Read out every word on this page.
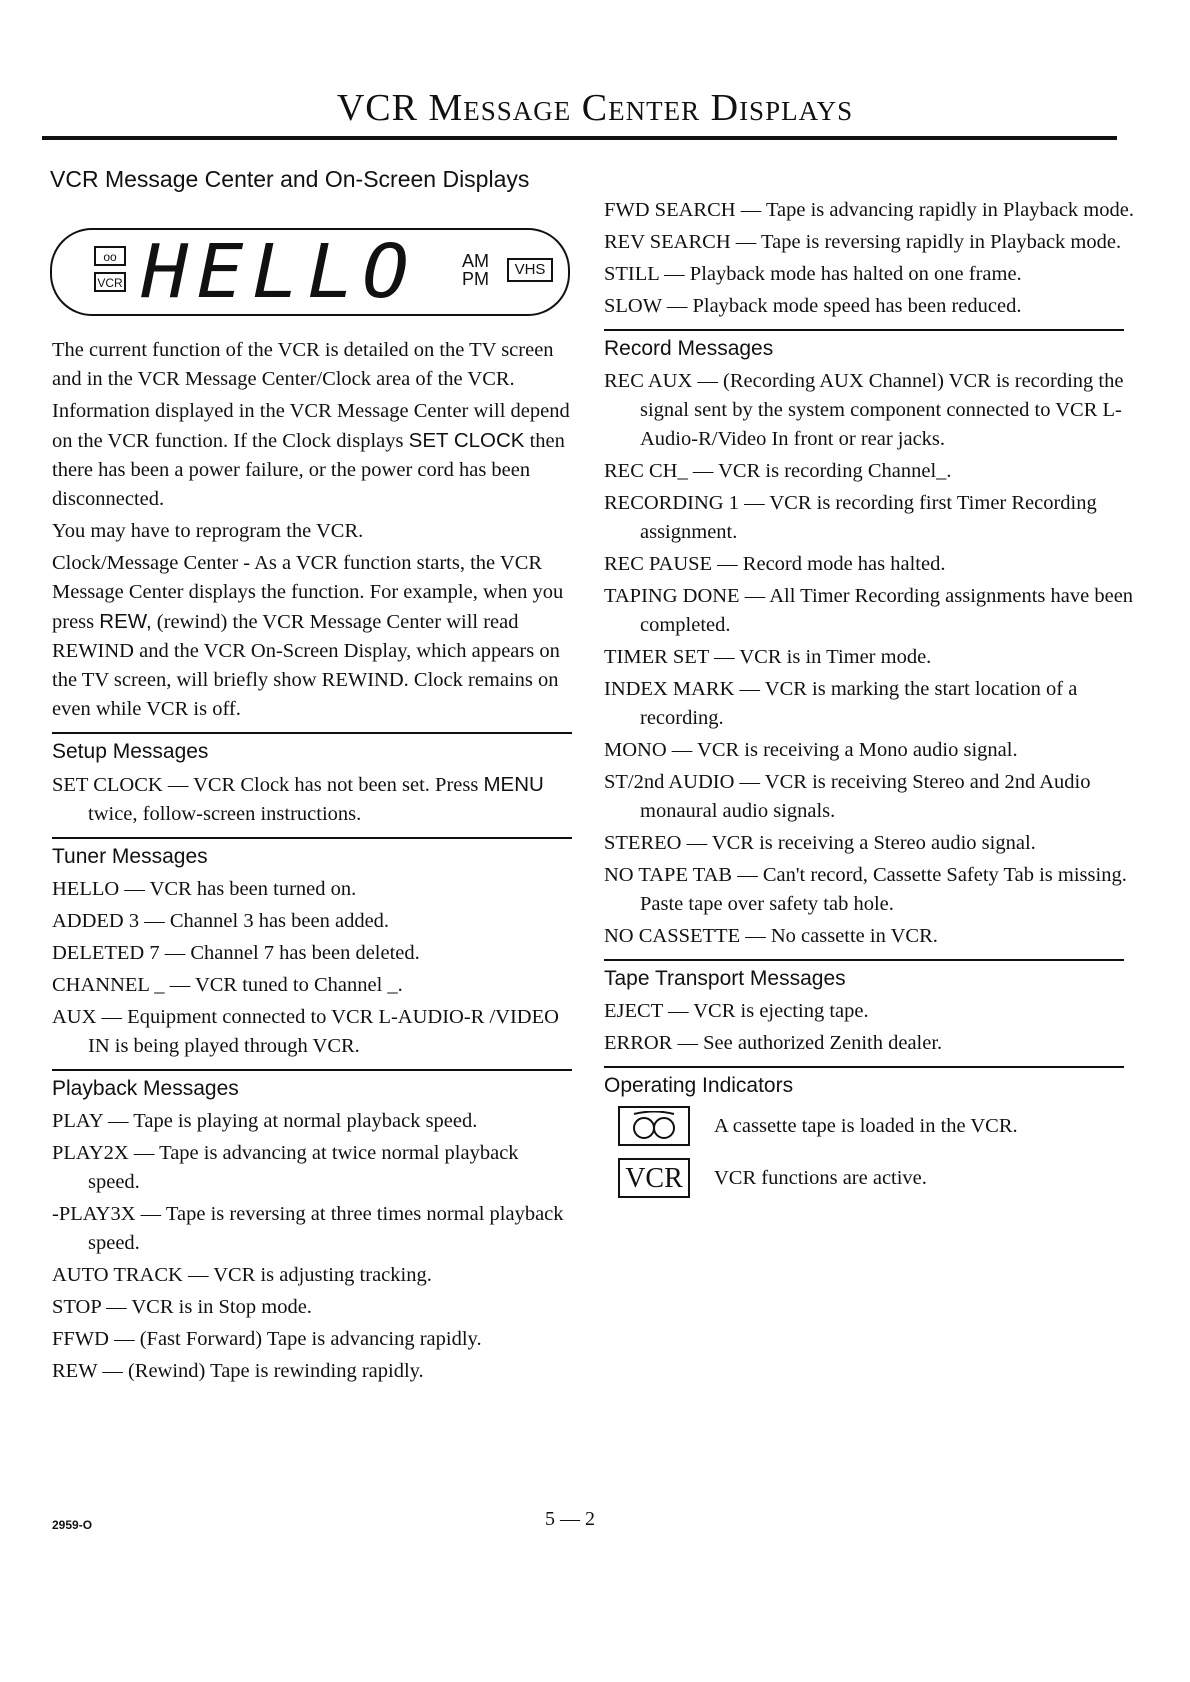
VCR Message Center Displays
VCR Message Center and On-Screen Displays
oo
VCR HELLO AM
PM	VHS

The current function of the VCR is detailed on the TV screen and in the VCR Message Center/Clock area of the VCR.

Information displayed in the VCR Message Center will depend on the VCR function. If the Clock displays SET CLOCK then there has been a power failure, or the power cord has been disconnected.

You may have to reprogram the VCR.

Clock/Message Center - As a VCR function starts, the VCR Message Center displays the function. For example, when you press REW, (rewind) the VCR Message Center will read REWIND and the VCR On-Screen Display, which appears on the TV screen, will briefly show REWIND. Clock remains on even while VCR is off.

Setup Messages

SET CLOCK — VCR Clock has not been set. Press MENU twice, follow-screen instructions.

Tuner Messages

HELLO — VCR has been turned on.

ADDED 3 — Channel 3 has been added.

DELETED 7 — Channel 7 has been deleted.

CHANNEL _ — VCR tuned to Channel _.

AUX — Equipment connected to VCR L-AUDIO-R /VIDEO IN is being played through VCR.

Playback Messages

PLAY — Tape is playing at normal playback speed.

PLAY2X — Tape is advancing at twice normal playback speed.

-PLAY3X — Tape is reversing at three times normal playback speed.

AUTO TRACK — VCR is adjusting tracking.

STOP — VCR is in Stop mode.

FFWD — (Fast Forward) Tape is advancing rapidly.

REW — (Rewind) Tape is rewinding rapidly.

FWD SEARCH — Tape is advancing rapidly in Playback mode.

REV SEARCH — Tape is reversing rapidly in Playback mode.

STILL — Playback mode has halted on one frame.

SLOW — Playback mode speed has been reduced.

Record Messages

REC AUX — (Recording AUX Channel) VCR is recording the signal sent by the system component connected to VCR L-Audio-R/Video In front or rear jacks.

REC CH_ — VCR is recording Channel_.

RECORDING 1 — VCR is recording first Timer Recording assignment.

REC PAUSE — Record mode has halted.

TAPING DONE — All Timer Recording assignments have been completed.

TIMER SET — VCR is in Timer mode.

INDEX MARK — VCR is marking the start location of a recording.

MONO — VCR is receiving a Mono audio signal.

ST/2nd AUDIO — VCR is receiving Stereo and 2nd Audio monaural audio signals.

STEREO — VCR is receiving a Stereo audio signal.

NO TAPE TAB — Can't record, Cassette Safety Tab is missing. Paste tape over safety tab hole.

NO CASSETTE — No cassette in VCR.

Tape Transport Messages

EJECT — VCR is ejecting tape.

ERROR — See authorized Zenith dealer.

Operating Indicators
A cassette tape is loaded in the VCR.
VCR	VCR functions are active.
2959-O	5 — 2
